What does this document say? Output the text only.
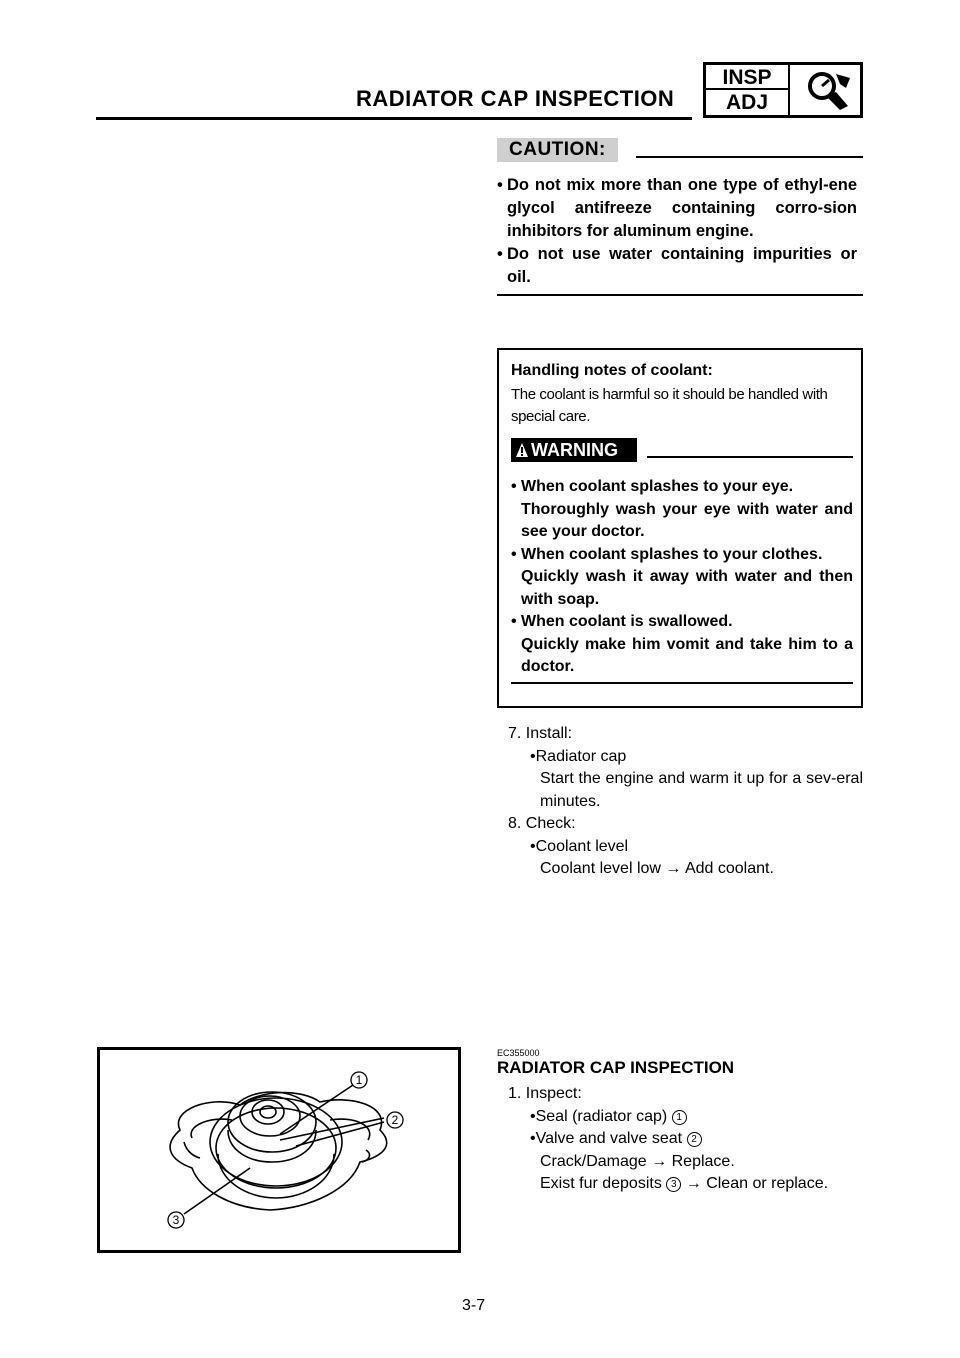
RADIATOR CAP INSPECTION
INSP
ADJ
CAUTION:
• Do not mix more than one type of ethyl-ene glycol antifreeze containing corro-sion inhibitors for aluminum engine.
• Do not use water containing impurities or oil.
Handling notes of coolant:
The coolant is harmful so it should be handled with special care.
WARNING
• When coolant splashes to your eye.
Thoroughly wash your eye with water and see your doctor.
• When coolant splashes to your clothes.
Quickly wash it away with water and then with soap.
• When coolant is swallowed.
Quickly make him vomit and take him to a doctor.
7. Install:
•Radiator cap
Start the engine and warm it up for a sev-eral minutes.
8. Check:
•Coolant level
Coolant level low → Add coolant.
EC355000
RADIATOR CAP INSPECTION
1. Inspect:
•Seal (radiator cap) 1
•Valve and valve seat 2
Crack/Damage → Replace.
Exist fur deposits 3 → Clean or replace.
1
2
3
3-7
